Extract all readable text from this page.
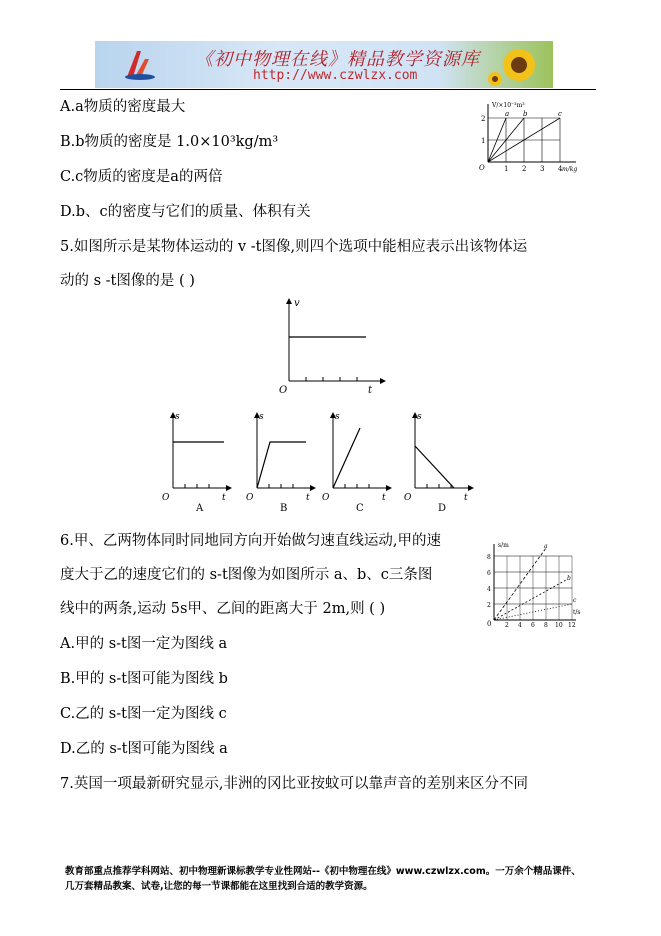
《初中物理在线》精品教学资源库
http://www.czwlzx.com
A.a物质的密度最大
B.b物质的密度是 1.0×10³kg/m³
C.c物质的密度是a的两倍
D.b、c的密度与它们的质量、体积有关
V/×10⁻³m³
m/kg
O	1 2 3 4
1
2
a b	c
5.如图所示是某物体运动的 v -t图像,则四个选项中能相应表示出该物体运
动的 s -t图像的是 ( )
v
t
O
s
t
O
A
s
t
O
B
s
t
O
C
s
t
O
D
6.甲、乙两物体同时同地同方向开始做匀速直线运动,甲的速
度大于乙的速度它们的 s-t图像为如图所示 a、b、c三条图
线中的两条,运动 5s甲、乙间的距离大于 2m,则 ( )
A.甲的 s-t图一定为图线 a
B.甲的 s-t图可能为图线 b
C.乙的 s-t图一定为图线 c
D.乙的 s-t图可能为图线 a
s/m
t/s
0 2 4 6 8 10 12
2
4
6
8
a
b
c
7.英国一项最新研究显示,非洲的冈比亚按蚊可以靠声音的差别来区分不同
教育部重点推荐学科网站、初中物理新课标教学专业性网站--《初中物理在线》www.czwlzx.com。一万余个精品课件、
几万套精品教案、试卷,让您的每一节课都能在这里找到合适的教学资源。
